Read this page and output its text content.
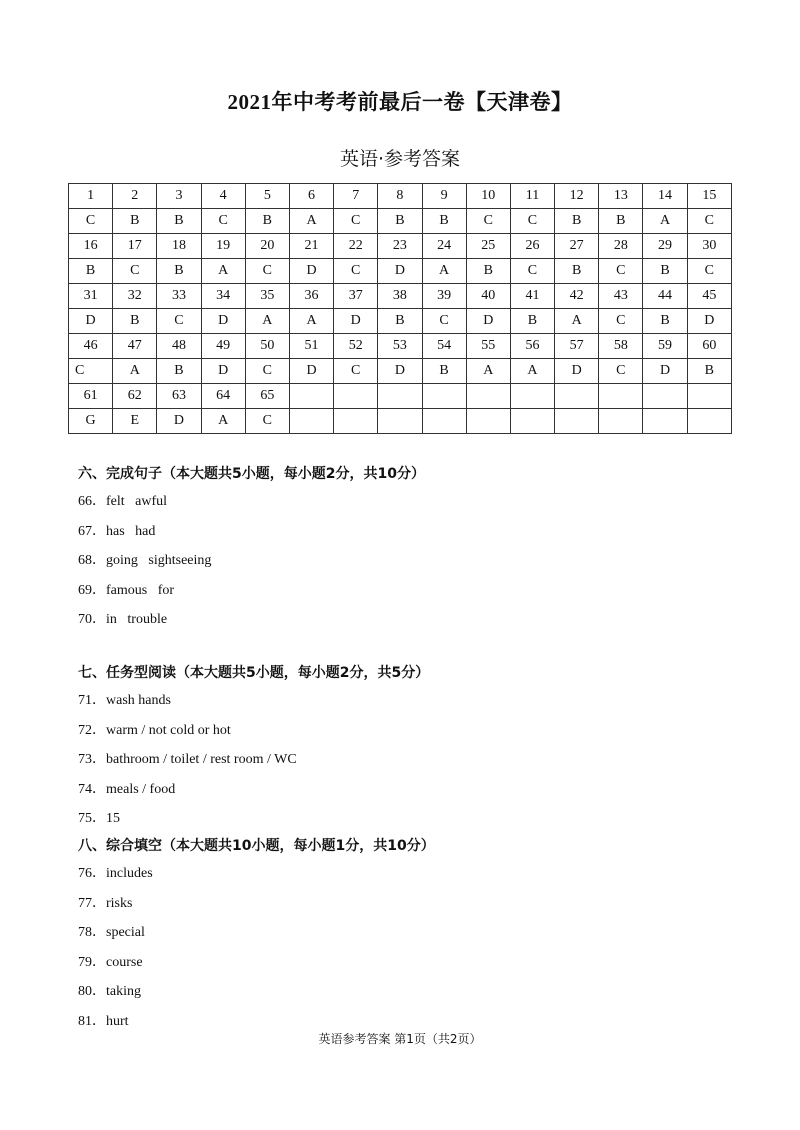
2021年中考考前最后一卷【天津卷】
英语·参考答案
1	2	3	4	5	6	7	8	9	10	11	12	13	14	15
C	B	B	C	B	A	C	B	B	C	C	B	B	A	C
16	17	18	19	20	21	22	23	24	25	26	27	28	29	30
B	C	B	A	C	D	C	D	A	B	C	B	C	B	C
31	32	33	34	35	36	37	38	39	40	41	42	43	44	45
D	B	C	D	A	A	D	B	C	D	B	A	C	B	D
46	47	48	49	50	51	52	53	54	55	56	57	58	59	60
C	A	B	D	C	D	C	D	B	A	A	D	C	D	B
61	62	63	64	65										
G	E	D	A	C										
六、完成句子（本大题共5小题，每小题2分，共10分）
66．felt   awful
67．has   had
68．going   sightseeing
69．famous   for
70．in   trouble
七、任务型阅读（本大题共5小题，每小题2分，共5分）
71．wash hands
72．warm / not cold or hot
73．bathroom / toilet / rest room / WC
74．meals / food
75．15
八、综合填空（本大题共10小题，每小题1分，共10分）
76．includes
77．risks
78．special
79．course
80．taking
81．hurt
英语参考答案 第1页（共2页）
